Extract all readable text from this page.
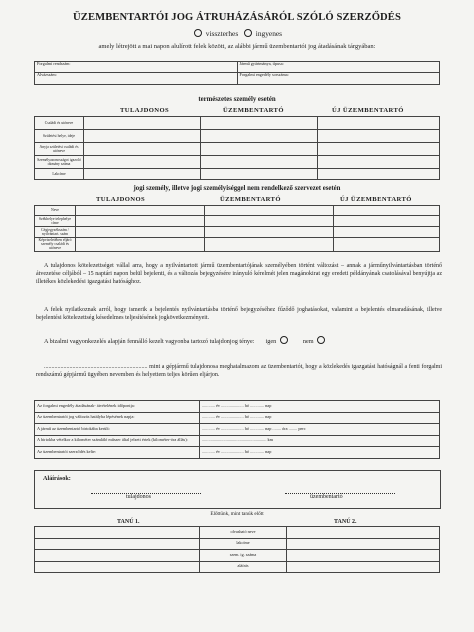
ÜZEMBENTARTÓI JOG ÁTRUHÁZÁSÁRÓL SZÓLÓ SZERZŐDÉS
visszterhes ingyenes
amely létrejött a mai napon alulírott felek között, az alábbi jármű üzembentartói jog átadásának tárgyában:
Forgalmi rendszám:	Jármű gyártmánya, típusa:
Alvázszám:	Forgalmi engedély sorszáma:
természetes személy esetén
TULAJDONOS	ÜZEMBENTARTÓ	ÚJ ÜZEMBENTARTÓ
Családi és utóneve			
Születési helye, ideje			
Anyja születési családi és utóneve			
Személyazonosságot igazoló okmány száma			
Lakcíme			
jogi személy, illetve jogi személyiséggel nem rendelkező szervezet esetén
TULAJDONOS	ÜZEMBENTARTÓ	ÚJ ÜZEMBENTARTÓ
Neve			
Székhelye telephelye címe			
Cégjegyzékszám / nyilvántart. szám			
Képviseletében eljáró személy családi és utóneve			

A tulajdonos kötelezettséget vállal arra, hogy a nyilvántartott jármű üzembentartójának személyében történt változást – annak a járműnyilvántartásban történő átvezetése céljából – 15 naptári napon belül bejelenti, és a változás bejegyzésére irányuló kérelmét jelen magánokirat egy eredeti példányának csatolásával benyújtja az illetékes közlekedési igazgatási hatósághoz.

A felek nyilatkoznak arról, hogy ismerik a bejelentés nyilvántartásba történő bejegyzéséhez fűződő joghatásokat, valamint a bejelentés elmaradásának, illetve bejelentési kötelezettség késedelmes teljesítésének jogkövetkezményeit.

A bizalmi vagyonkezelés alapján fennálló kezelt vagyonba tartozó tulajdonjog ténye: igen	nem

..................................................................... mint a gépjármű tulajdonosa meghatalmazom az üzembentartót, hogy a közlekedés igazgatási hatóságnál a fenti forgalmi rendszámú gépjármű ügyében nevemben és helyettem teljes körűen eljárjon.

Az forgalmi engedély átadásának- átvételének időpontja:	............ év ..................... hó ............. nap
Az üzembentartói jog változás hatályba lépésének napja:	............ év ..................... hó ............. nap
A jármű az üzembentartó birtokába került:	............ év ..................... hó ............. nap ........ óra ........ perc
A birtokba vételkor a kilométer számláló műszer által jelzett értek (kilométer-óra állás):	............................................................ km
Az üzembentartói szerződés kelte:	............ év ..................... hó ............. nap
Aláírások:
tulajdonos	üzembentartó
Előttünk, mint tanúk előtt
TANÚ 1.	TANÚ 2.
	olvasható neve	
	lakcíme	
	szem. ig. száma	
	aláírás	
